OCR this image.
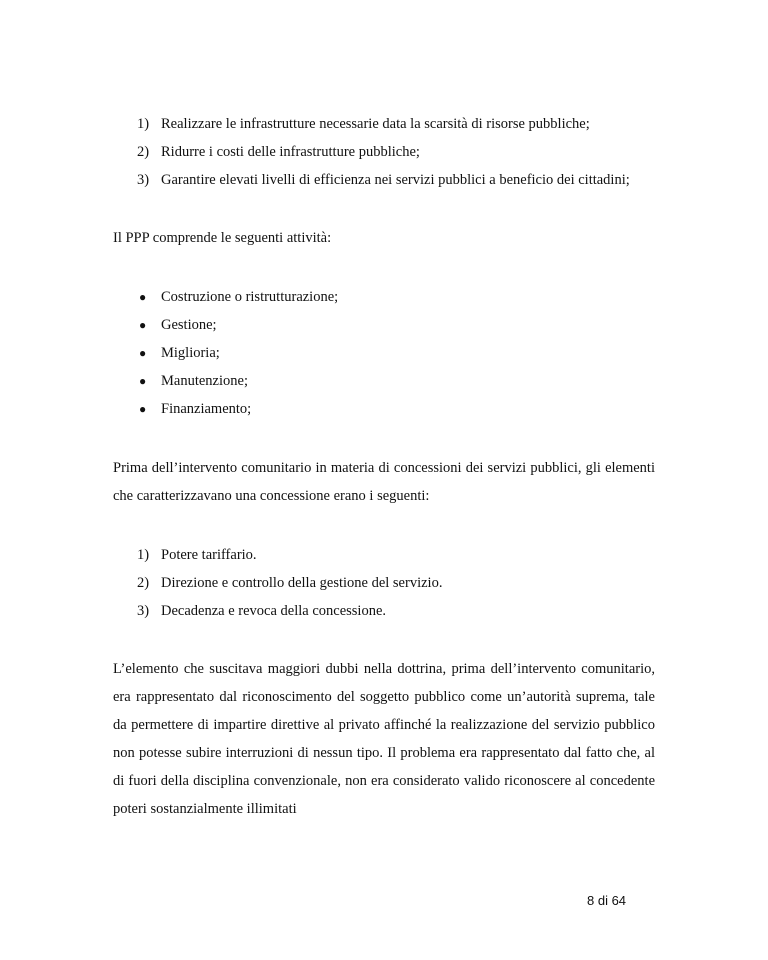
1) Realizzare le infrastrutture necessarie data la scarsità di risorse pubbliche;
2) Ridurre i costi delle infrastrutture pubbliche;
3) Garantire elevati livelli di efficienza nei servizi pubblici a beneficio dei cittadini;

Il PPP comprende le seguenti attività:

● Costruzione o ristrutturazione;
● Gestione;
● Miglioria;
● Manutenzione;
● Finanziamento;

Prima dell’intervento comunitario in materia di concessioni dei servizi pubblici, gli elementi che caratterizzavano una concessione erano i seguenti:

1) Potere tariffario.
2) Direzione e controllo della gestione del servizio.
3) Decadenza e revoca della concessione.

L’elemento che suscitava maggiori dubbi nella dottrina, prima dell’intervento comunitario, era rappresentato dal riconoscimento del soggetto pubblico come un’autorità suprema, tale da permettere di impartire direttive al privato affinché la realizzazione del servizio pubblico non potesse subire interruzioni di nessun tipo. Il problema era rappresentato dal fatto che, al di fuori della disciplina convenzionale, non era considerato valido riconoscere al concedente poteri sostanzialmente illimitati

8 di 64
